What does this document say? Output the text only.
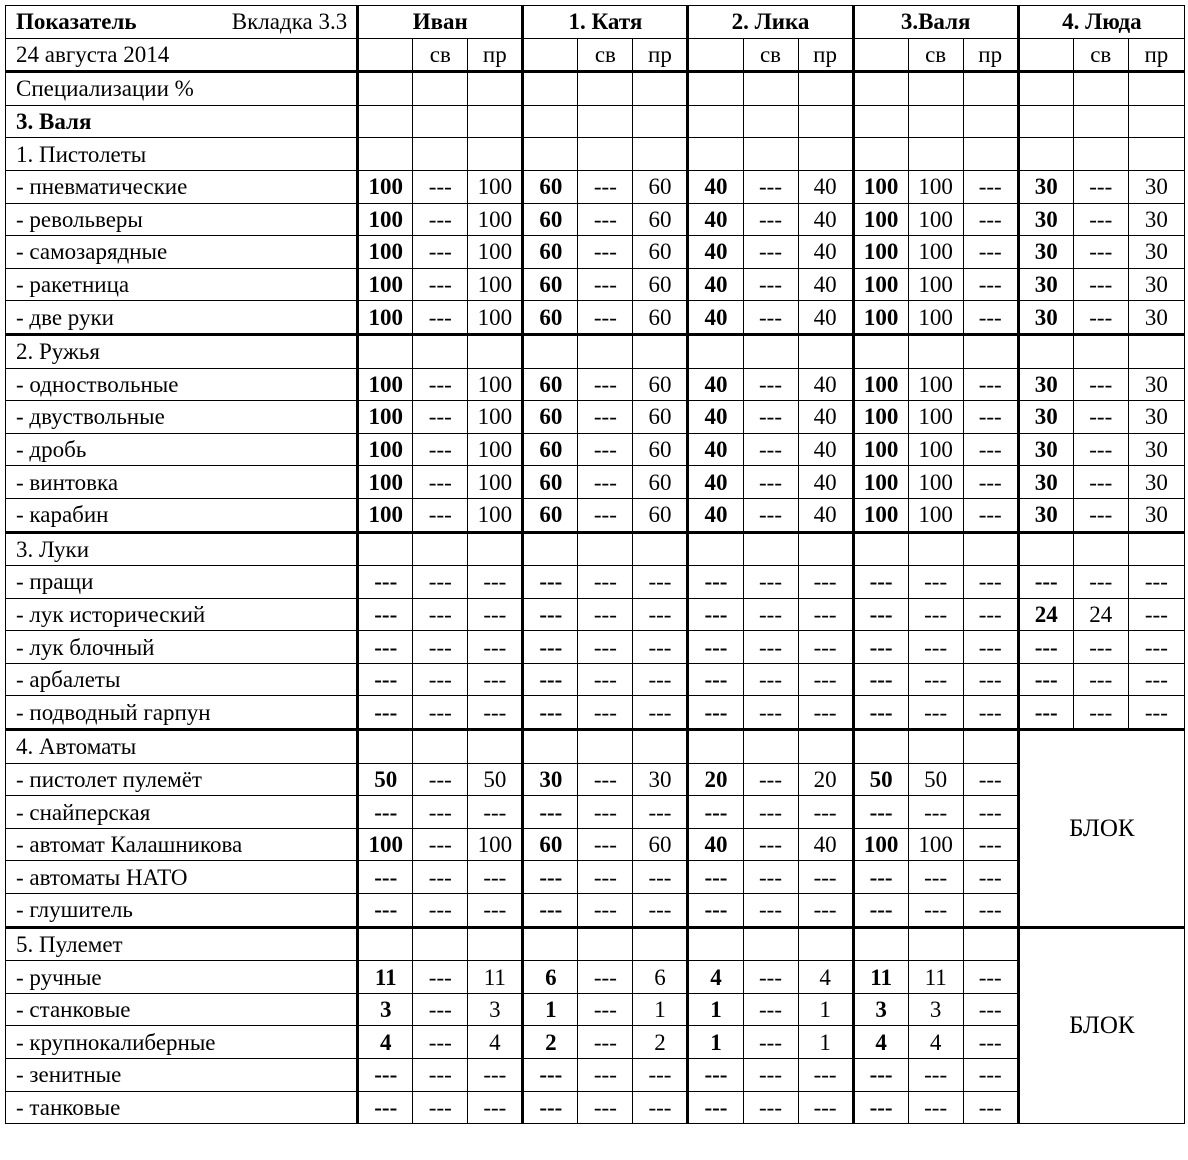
Показатель Вкладка 3.3	Иван			1. Катя			2. Лика			3.Валя			4. Люда		
24 августа 2014		св	пр		св	пр		св	пр		св	пр		св	пр
Специализации %															
3. Валя															
1. Пистолеты															
- пневматические	100	---	100	60	---	60	40	---	40	100	100	---	30	---	30
- револьверы	100	---	100	60	---	60	40	---	40	100	100	---	30	---	30
- самозарядные	100	---	100	60	---	60	40	---	40	100	100	---	30	---	30
- ракетница	100	---	100	60	---	60	40	---	40	100	100	---	30	---	30
- две руки	100	---	100	60	---	60	40	---	40	100	100	---	30	---	30
2. Ружья															
- одноствольные	100	---	100	60	---	60	40	---	40	100	100	---	30	---	30
- двуствольные	100	---	100	60	---	60	40	---	40	100	100	---	30	---	30
- дробь	100	---	100	60	---	60	40	---	40	100	100	---	30	---	30
- винтовка	100	---	100	60	---	60	40	---	40	100	100	---	30	---	30
- карабин	100	---	100	60	---	60	40	---	40	100	100	---	30	---	30
3. Луки															
- пращи	---	---	---	---	---	---	---	---	---	---	---	---	---	---	---
- лук исторический	---	---	---	---	---	---	---	---	---	---	---	---	24	24	---
- лук блочный	---	---	---	---	---	---	---	---	---	---	---	---	---	---	---
- арбалеты	---	---	---	---	---	---	---	---	---	---	---	---	---	---	---
- подводный гарпун	---	---	---	---	---	---	---	---	---	---	---	---	---	---	---
4. Автоматы													БЛОК		
- пистолет пулемёт	50	---	50	30	---	30	20	---	20	50	50	---			
- снайперская	---	---	---	---	---	---	---	---	---	---	---	---			
- автомат Калашникова	100	---	100	60	---	60	40	---	40	100	100	---			
- автоматы НАТО	---	---	---	---	---	---	---	---	---	---	---	---			
- глушитель	---	---	---	---	---	---	---	---	---	---	---	---			
5. Пулемет													БЛОК		
- ручные	11	---	11	6	---	6	4	---	4	11	11	---			
- станковые	3	---	3	1	---	1	1	---	1	3	3	---			
- крупнокалиберные	4	---	4	2	---	2	1	---	1	4	4	---			
- зенитные	---	---	---	---	---	---	---	---	---	---	---	---			
- танковые	---	---	---	---	---	---	---	---	---	---	---	---			
